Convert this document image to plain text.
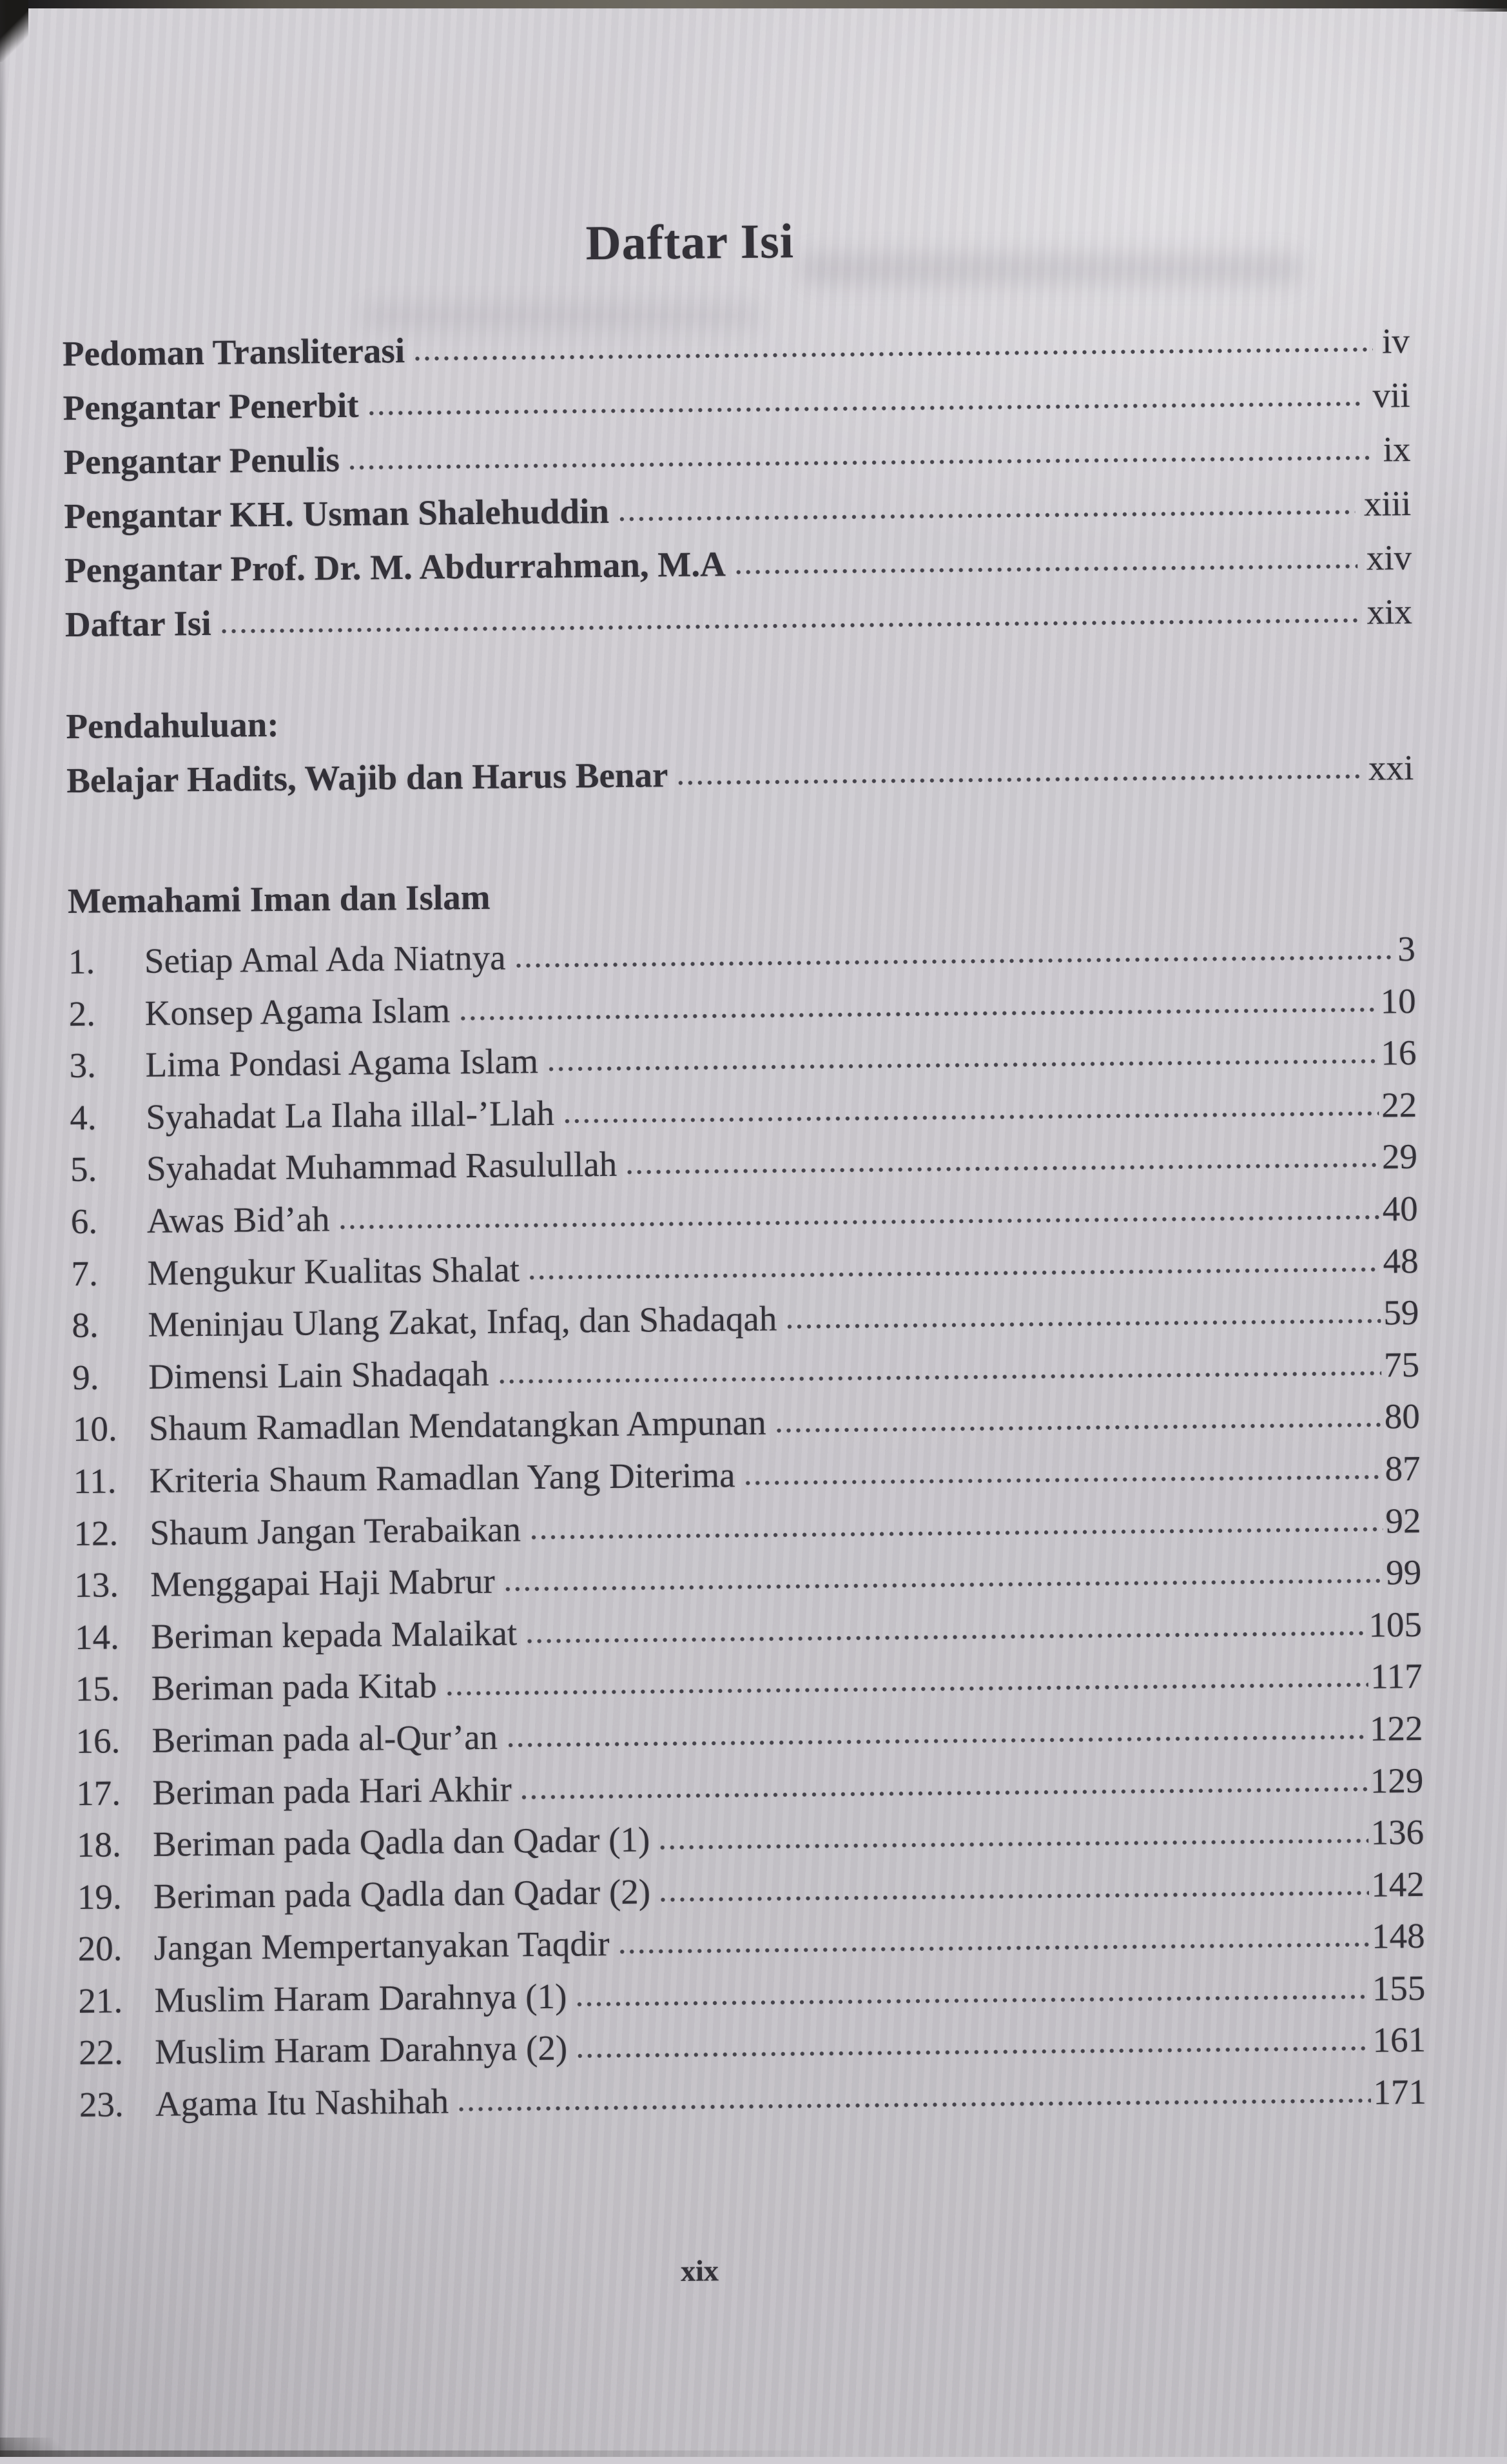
Daftar Isi
Pedoman Transliterasi	iv
Pengantar Penerbit	vii
Pengantar Penulis	ix
Pengantar KH. Usman Shalehuddin	xiii
Pengantar Prof. Dr. M. Abdurrahman, M.A	xiv
Daftar Isi	xix
Pendahuluan:
Belajar Hadits, Wajib dan Harus Benar	xxi
Memahami Iman dan Islam
1.	Setiap Amal Ada Niatnya	3
2.	Konsep Agama Islam	10
3.	Lima Pondasi Agama Islam	16
4.	Syahadat La Ilaha illal-’Llah	22
5.	Syahadat Muhammad Rasulullah	29
6.	Awas Bid’ah	40
7.	Mengukur Kualitas Shalat	48
8.	Meninjau Ulang Zakat, Infaq, dan Shadaqah	59
9.	Dimensi Lain Shadaqah	75
10. Shaum Ramadlan Mendatangkan Ampunan	80
11. Kriteria Shaum Ramadlan Yang Diterima	87
12. Shaum Jangan Terabaikan	92
13. Menggapai Haji Mabrur	99
14. Beriman kepada Malaikat	105
15. Beriman pada Kitab	117
16. Beriman pada al-Qur’an	122
17. Beriman pada Hari Akhir	129
18. Beriman pada Qadla dan Qadar (1)	136
19. Beriman pada Qadla dan Qadar (2)	142
20. Jangan Mempertanyakan Taqdir	148
21. Muslim Haram Darahnya (1)	155
22. Muslim Haram Darahnya (2)	161
23. Agama Itu Nashihah	171
xix
